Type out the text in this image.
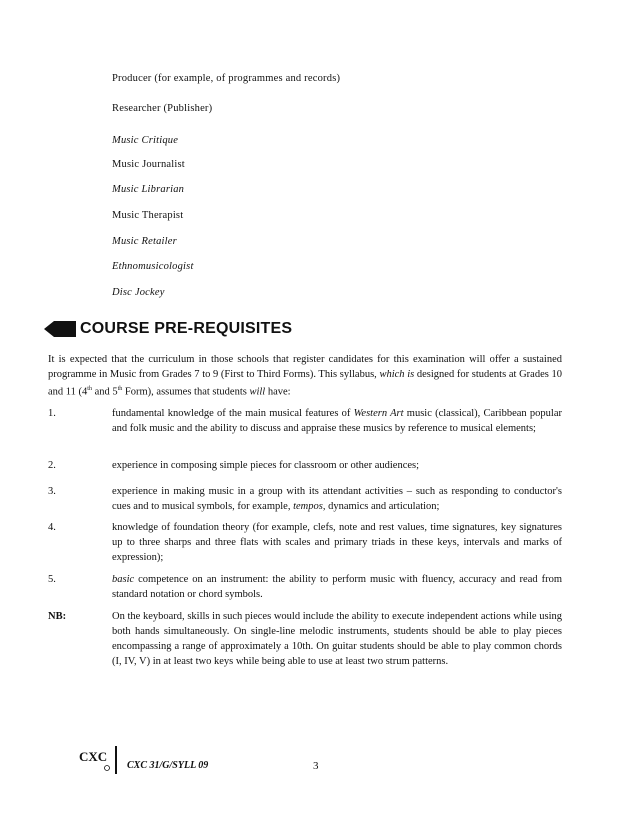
Producer (for example, of programmes and records)
Researcher (Publisher)
Music Critique
Music Journalist
Music Librarian
Music Therapist
Music Retailer
Ethnomusicologist
Disc Jockey
COURSE PRE-REQUISITES
It is expected that the curriculum in those schools that register candidates for this examination will offer a sustained programme in Music from Grades 7 to 9 (First to Third Forms). This syllabus, which is designed for students at Grades 10 and 11 (4th and 5th Form), assumes that students will have:
1.	fundamental knowledge of the main musical features of Western Art music (classical), Caribbean popular and folk music and the ability to discuss and appraise these musics by reference to musical elements;
2.	experience in composing simple pieces for classroom or other audiences;
3.	experience in making music in a group with its attendant activities – such as responding to conductor's cues and to musical symbols, for example, tempos, dynamics and articulation;
4.	knowledge of foundation theory (for example, clefs, note and rest values, time signatures, key signatures up to three sharps and three flats with scales and primary triads in these keys, intervals and marks of expression);
5.	basic competence on an instrument: the ability to perform music with fluency, accuracy and read from standard notation or chord symbols.
NB:	On the keyboard, skills in such pieces would include the ability to execute independent actions while using both hands simultaneously. On single-line melodic instruments, students should be able to play pieces encompassing a range of approximately a 10th. On guitar students should be able to play common chords (I, IV, V) in at least two keys while being able to use at least two strum patterns.
CXC
CXC 31/G/SYLL 09	3
